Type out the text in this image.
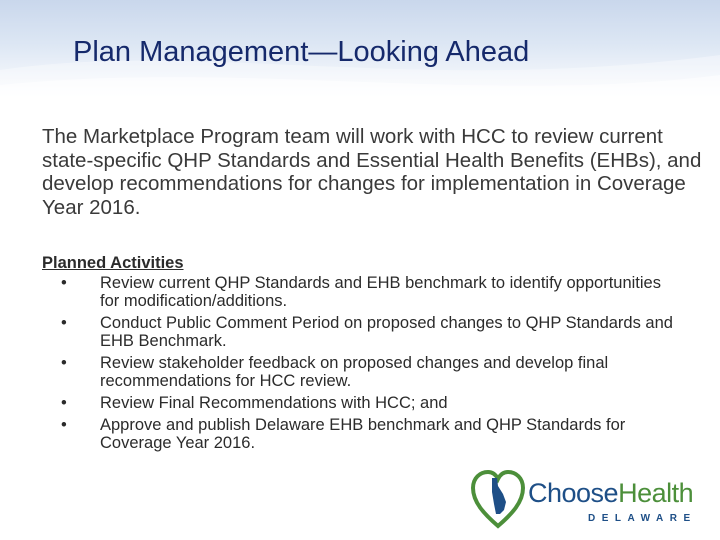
Plan Management—Looking Ahead
The Marketplace Program team will work with HCC to review current state-specific QHP Standards and Essential Health Benefits (EHBs), and develop recommendations for changes for implementation in Coverage Year 2016.
Planned Activities
• Review current QHP Standards and EHB benchmark to identify opportunities for modification/additions.
• Conduct Public Comment Period on proposed changes to QHP Standards and EHB Benchmark.
• Review stakeholder feedback on proposed changes and develop final recommendations for HCC review.
• Review Final Recommendations with HCC; and
• Approve and publish Delaware EHB benchmark and QHP Standards for Coverage Year 2016.
ChooseHealth
DELAWARE
